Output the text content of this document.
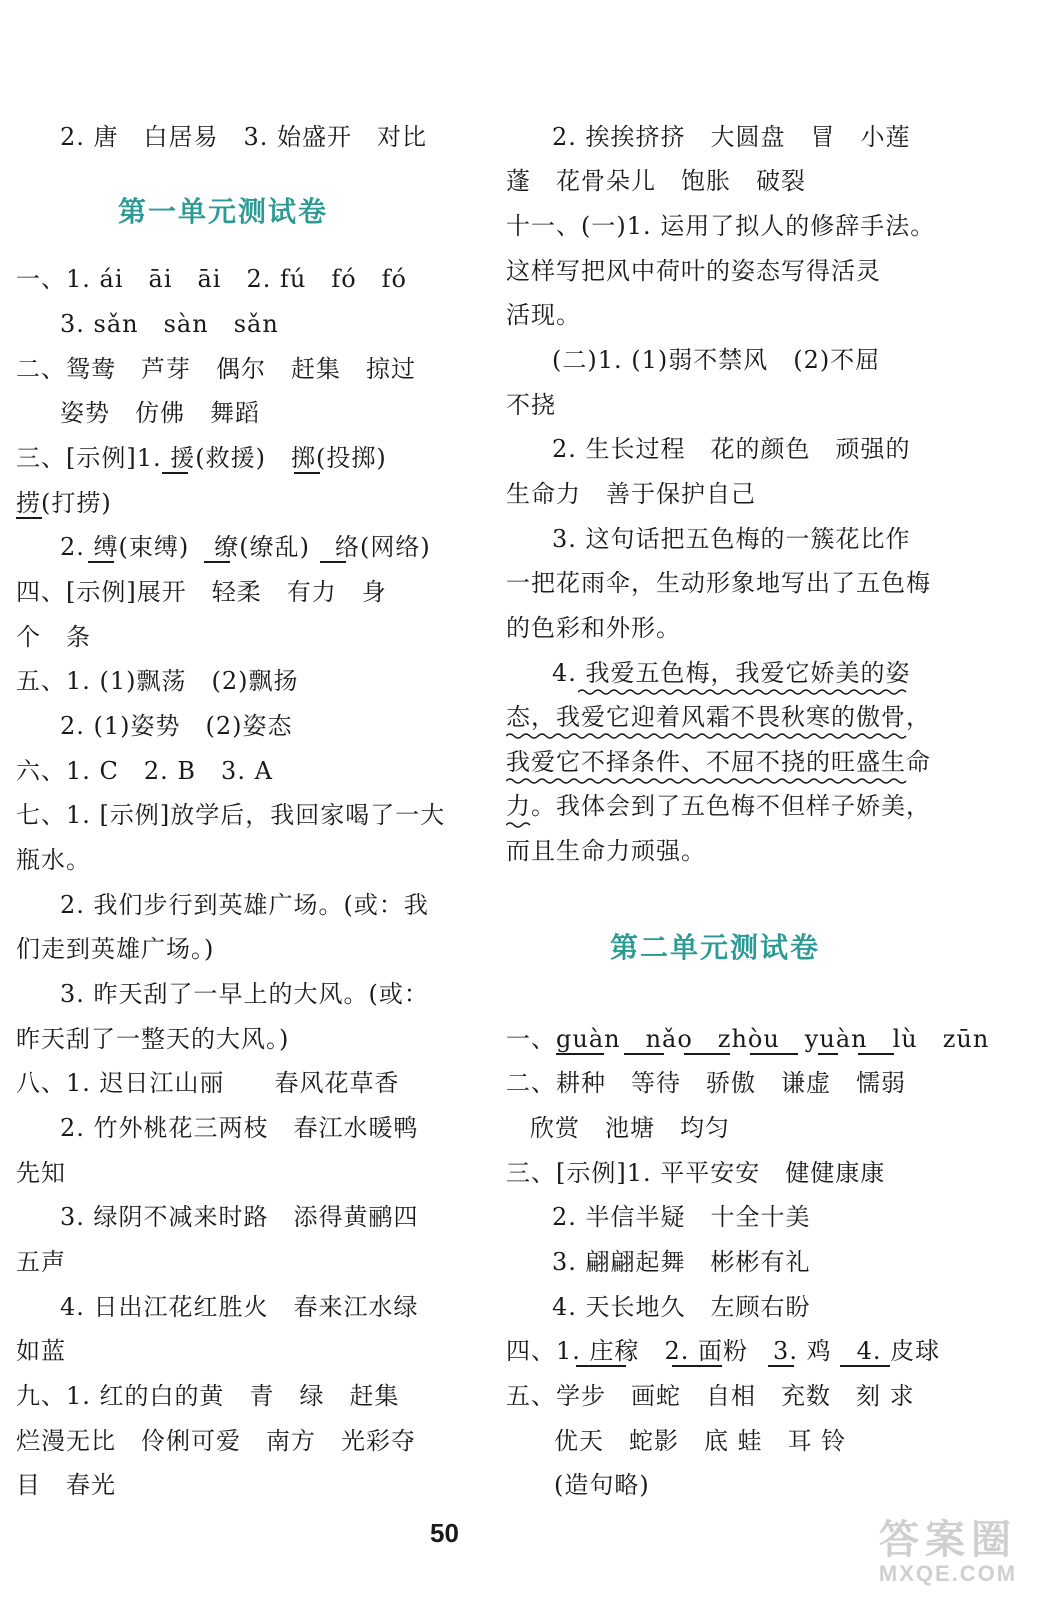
2. 唐　白居易　3. 始盛开　对比
第一单元测试卷
一、1. ái　āi　āi　2. fú　fó　fó
3. sǎn　sàn　sǎn
二、鸳鸯　芦芽　偶尔　赶集　掠过
姿势　仿佛　舞蹈
三、[示例]1. 援(救援)　掷(投掷)
捞(打捞)
2. 缚(束缚)　缭(缭乱)　络(网络)
四、[示例]展开　轻柔　有力　身
个　条
五、1. (1)飘荡　(2)飘扬
2. (1)姿势　(2)姿态
六、1. C　2. B　3. A
七、1. [示例]放学后，我回家喝了一大
瓶水。
2. 我们步行到英雄广场。(或：我
们走到英雄广场。)
3. 昨天刮了一早上的大风。(或：
昨天刮了一整天的大风。)
八、1. 迟日江山丽　　春风花草香
2. 竹外桃花三两枝　春江水暖鸭
先知
3. 绿阴不减来时路　添得黄鹂四
五声
4. 日出江花红胜火　春来江水绿
如蓝
九、1. 红的白的黄　青　绿　赶集
烂漫无比　伶俐可爱　南方　光彩夺
目　春光
2. 挨挨挤挤　大圆盘　冒　小莲
蓬　花骨朵儿　饱胀　破裂
十一、(一)1. 运用了拟人的修辞手法。
这样写把风中荷叶的姿态写得活灵
活现。
(二)1. (1)弱不禁风　(2)不屈
不挠
2. 生长过程　花的颜色　顽强的
生命力　善于保护自己
3. 这句话把五色梅的一簇花比作
一把花雨伞，生动形象地写出了五色梅
的色彩和外形。
4. 我爱五色梅，我爱它娇美的姿
态，我爱它迎着风霜不畏秋寒的傲骨，
我爱它不择条件、不屈不挠的旺盛生命
力。我体会到了五色梅不但样子娇美，
而且生命力顽强。
第二单元测试卷
一、guàn　nǎo　zhòu　yuàn　lù　zūn
二、耕种　等待　骄傲　谦虚　懦弱
欣赏　池塘　均匀
三、[示例]1. 平平安安　健健康康
2. 半信半疑　十全十美
3. 翩翩起舞　彬彬有礼
4. 天长地久　左顾右盼
四、1. 庄稼　2. 面粉　3. 鸡　4. 皮球
五、学步　画蛇　自相　充数　刻 求
优天　蛇影　底 蛙　耳 铃
(造句略)
50	答案圈
MXQE.COM
